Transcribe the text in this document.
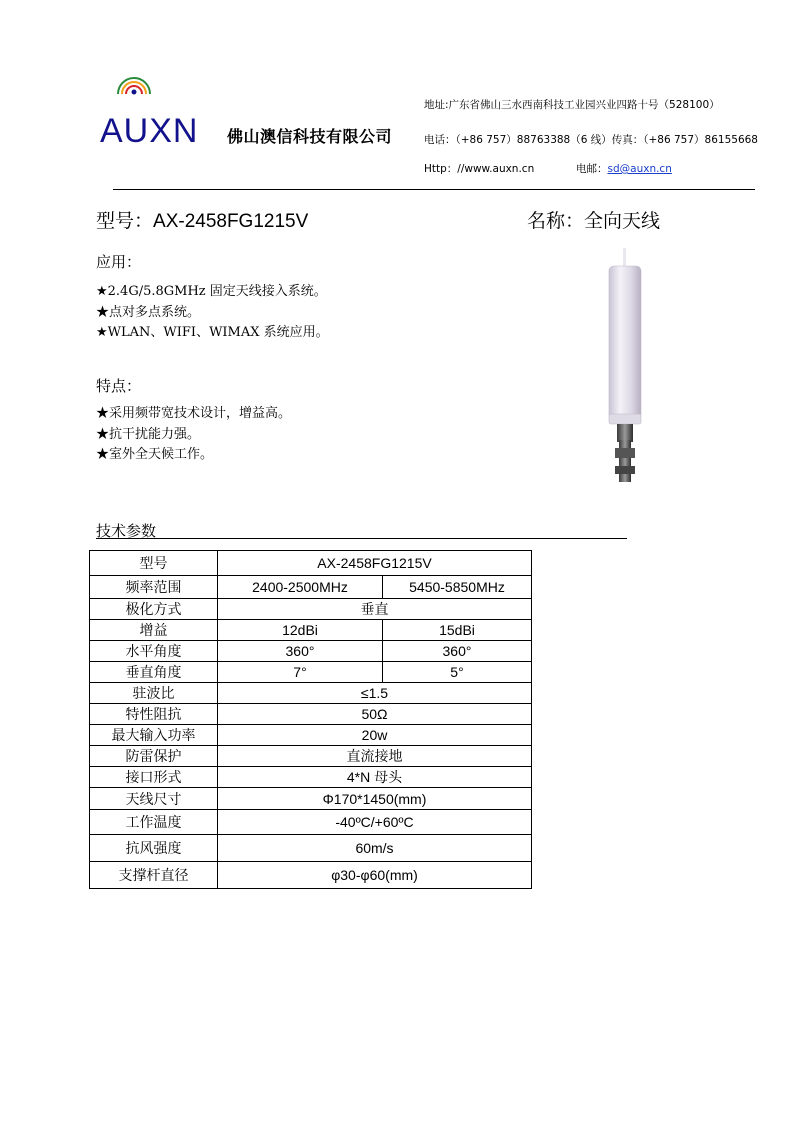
AUXN 佛山澳信科技有限公司
地址:广东省佛山三水西南科技工业园兴业四路十号（528100）
电话：（+86 757）88763388（6 线）传真：（+86 757）86155668
Http：//www.auxn.cn	电邮：sd@auxn.cn
型号：AX-2458FG1215V	名称：全向天线
应用：
★2.4G/5.8GMHz 固定天线接入系统。
★点对多点系统。
★WLAN、WIFI、WIMAX 系统应用。
特点：
★采用频带宽技术设计，增益高。
★抗干扰能力强。
★室外全天候工作。
技术参数
型号	AX-2458FG1215V	
频率范围	2400-2500MHz	5450-5850MHz
极化方式	垂直	
增益	12dBi	15dBi
水平角度	360°	360°
垂直角度	7°	5°
驻波比	≤1.5	
特性阻抗	50Ω	
最大输入功率	20w	
防雷保护	直流接地	
接口形式	4*N 母头	
天线尺寸	Φ170*1450(mm)	
工作温度	-40ºC/+60ºC	
抗风强度	60m/s	
支撑杆直径	φ30-φ60(mm)	
